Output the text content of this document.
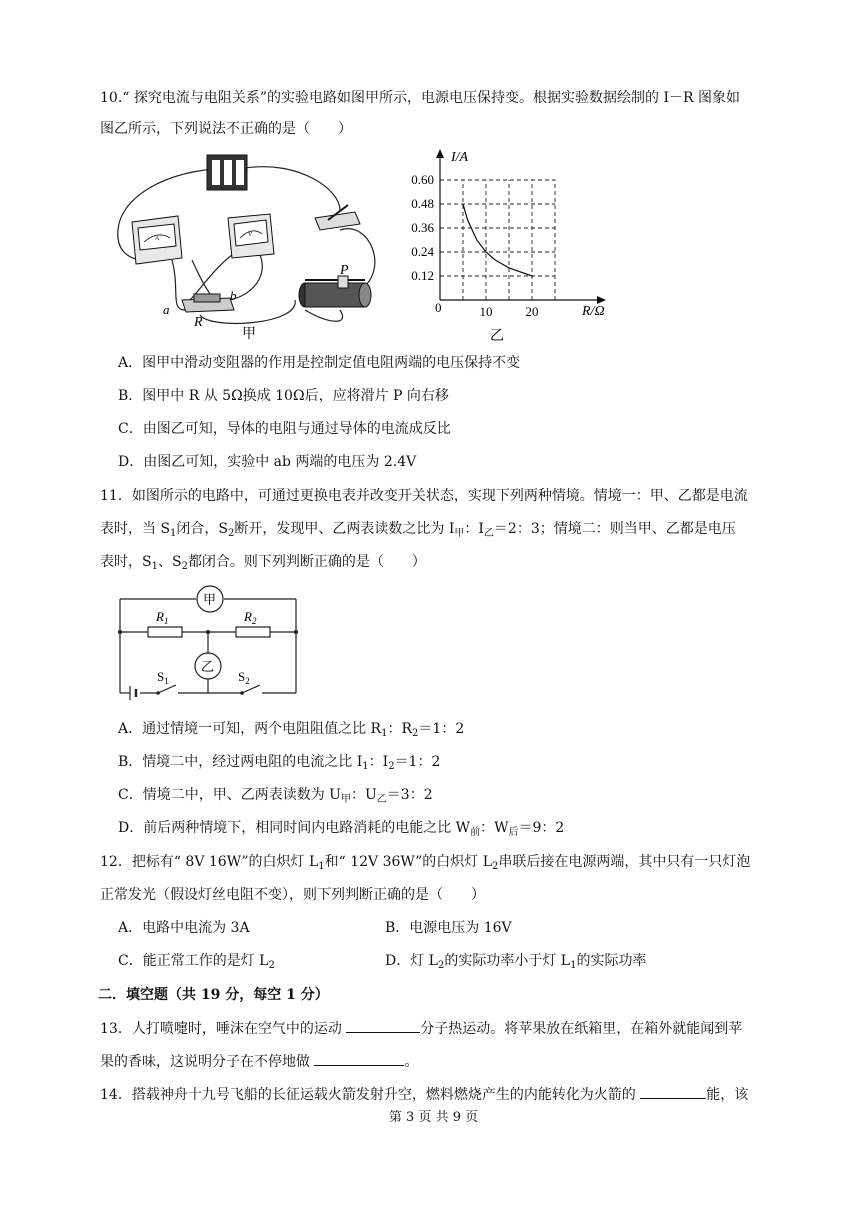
10.“ 探究电流与电阻关系”的实验电路如图甲所示，电源电压保持变。根据实验数据绘制的 I－R 图象如
图乙所示，下列说法不正确的是（　　）
A
V
a
b
R
P
甲
0.60
0.48
0.36
0.24
0.12
10	20
I/A
R/Ω
0
乙
A．图甲中滑动变阻器的作用是控制定值电阻两端的电压保持不变
B．图甲中 R 从 5Ω换成 10Ω后，应将滑片 P 向右移
C．由图乙可知，导体的电阻与通过导体的电流成反比
D．由图乙可知，实验中 ab 两端的电压为 2.4V
11．如图所示的电路中，可通过更换电表并改变开关状态，实现下列两种情境。情境一：甲、乙都是电流
表时，当 $S_1$闭合，$S_2$断开，发现甲、乙两表读数之比为 $I_甲$：$I_乙=2$：3；情境二：则当甲、乙都是电压
表时，$S_1$、$S_2$都闭合。则下列判断正确的是（　　）
甲
乙
$R_1$	$R_2$
$S_1$	$S_2$
A．通过情境一可知，两个电阻阻值之比 $R_1$：$R_2=1$：2
B．情境二中，经过两电阻的电流之比 $I_1$：$I_2=1$：2
C．情境二中，甲、乙两表读数为 $U_甲$：$U_乙=3$：2
D．前后两种情境下，相同时间内电路消耗的电能之比 $W_前$：$W_后=9$：2
12．把标有“ 8V 16W”的白炽灯 $L_1$和“ 12V 36W”的白炽灯 $L_2$串联后接在电源两端，其中只有一只灯泡
正常发光（假设灯丝电阻不变），则下列判断正确的是（　　）
A．电路中电流为 3A	B．电源电压为 16V
C．能正常工作的是灯 $L_2$	D．灯 $L_2$的实际功率小于灯 $L_1$的实际功率
二．填空题（共 19 分，每空 1 分）
13．人打喷嚏时，唾沫在空气中的运动	分子热运动。将苹果放在纸箱里，在箱外就能闻到苹
果的香味，这说明分子在不停地做	。
14．搭载神舟十九号飞船的长征运载火箭发射升空，燃料燃烧产生的内能转化为火箭的	能，该
第 3 页 共 9 页
